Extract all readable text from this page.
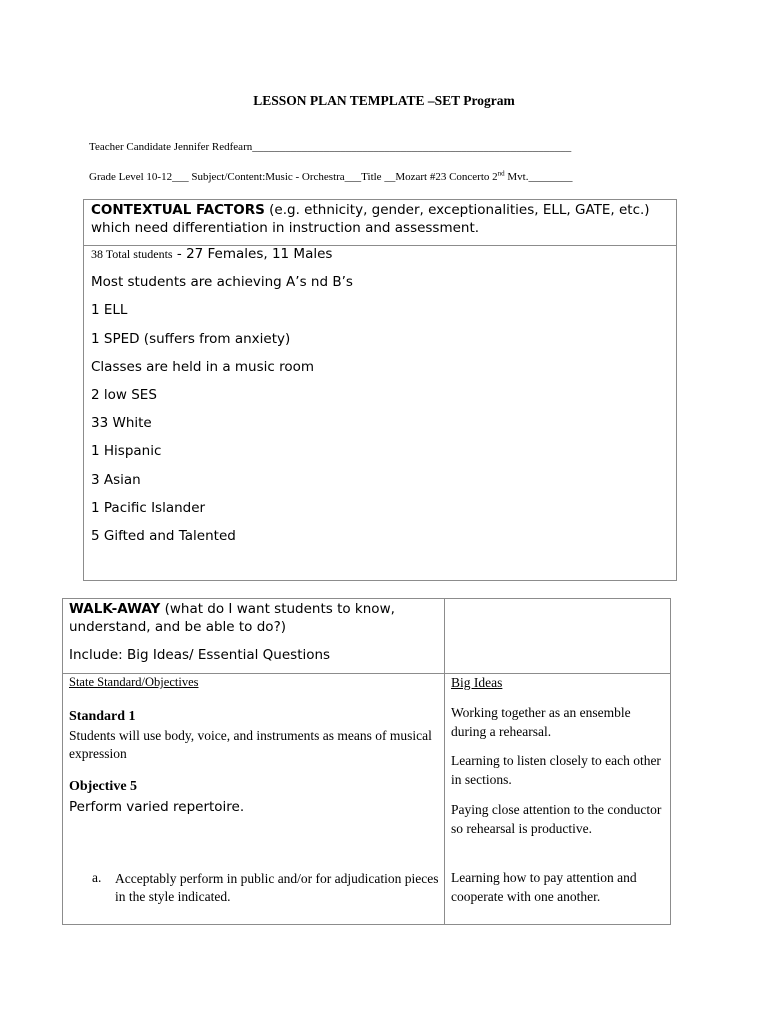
LESSON PLAN TEMPLATE –SET Program
Teacher Candidate Jennifer Redfearn__________________________________________________________
Grade Level 10-12___ Subject/Content:Music - Orchestra___Title __Mozart #23 Concerto 2nd Mvt.________
CONTEXTUAL FACTORS (e.g. ethnicity, gender, exceptionalities, ELL, GATE, etc.) which need differentiation in instruction and assessment.
38 Total students - 27 Females, 11 Males
Most students are achieving A’s nd B’s
1 ELL
1 SPED (suffers from anxiety)
Classes are held in a music room
2 low SES
33 White
1 Hispanic
3 Asian
1 Pacific Islander
5 Gifted and Talented

WALK-AWAY (what do I want students to know, understand, and be able to do?)

Include: Big Ideas/ Essential Questions

State Standard/Objectives
Standard 1
Students will use body, voice, and instruments as means of musical expression
Objective 5
Perform varied repertoire.
a. Acceptably perform in public and/or for adjudication pieces in the style indicated.
Big Ideas
Working together as an ensemble during a rehearsal.
Learning to listen closely to each other in sections.
Paying close attention to the conductor so rehearsal is productive.
Learning how to pay attention and cooperate with one another.
